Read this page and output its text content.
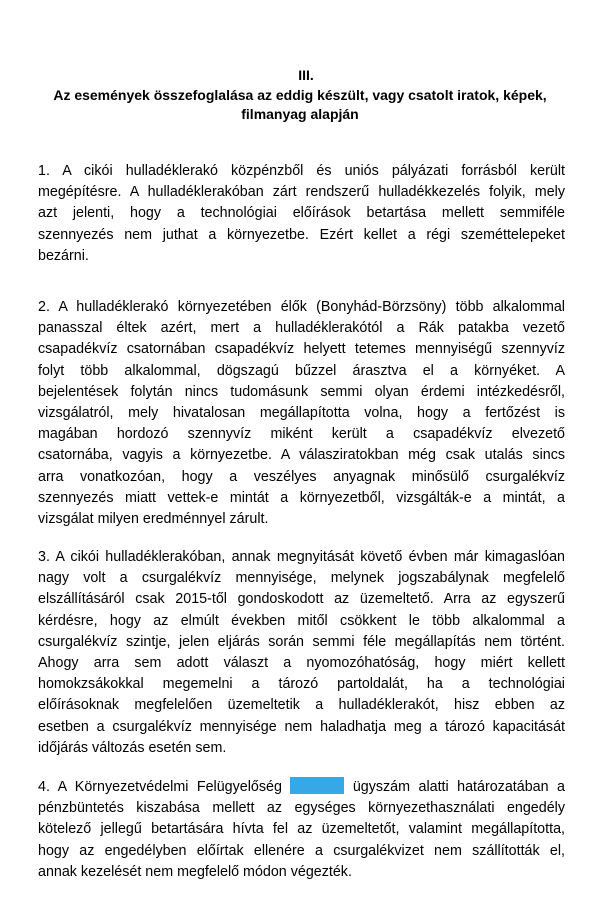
III.
Az események összefoglalása az eddig készült, vagy csatolt iratok, képek,
filmanyag alapján
1. A cikói hulladéklerakó közpénzből és uniós pályázati forrásból került
megépítésre. A hulladéklerakóban zárt rendszerű hulladékkezelés folyik, mely
azt jelenti, hogy a technológiai előírások betartása mellett semmiféle
szennyezés nem juthat a környezetbe. Ezért kellet a régi szeméttelepeket
bezárni.
2. A hulladéklerakó környezetében élők (Bonyhád-Börzsöny) több alkalommal
panasszal éltek azért, mert a hulladéklerakótól a Rák patakba vezető
csapadékvíz csatornában csapadékvíz helyett tetemes mennyiségű szennyvíz
folyt több alkalommal, dögszagú bűzzel árasztva el a környéket. A
bejelentések folytán nincs tudomásunk semmi olyan érdemi intézkedésről,
vizsgálatról, mely hivatalosan megállapította volna, hogy a fertőzést is
magában hordozó szennyvíz miként került a csapadékvíz elvezető
csatornába, vagyis a környezetbe. A válasziratokban még csak utalás sincs
arra vonatkozóan, hogy a veszélyes anyagnak minősülő csurgalékvíz
szennyezés miatt vettek-e mintát a környezetből, vizsgálták-e a mintát, a
vizsgálat milyen eredménnyel zárult.
3. A cikói hulladéklerakóban, annak megnyitását követő évben már kimagaslóan
nagy volt a csurgalékvíz mennyisége, melynek jogszabálynak megfelelő
elszállításáról csak 2015-től gondoskodott az üzemeltető. Arra az egyszerű
kérdésre, hogy az elmúlt években mitől csökkent le több alkalommal a
csurgalékvíz szintje, jelen eljárás során semmi féle megállapítás nem történt.
Ahogy arra sem adott választ a nyomozóhatóság, hogy miért kellett
homokzsákokkal megemelni a tározó partoldalát, ha a technológiai
előírásoknak megfelelően üzemeltetik a hulladéklerakót, hisz ebben az
esetben a csurgalékvíz mennyisége nem haladhatja meg a tározó kapacitását
időjárás változás esetén sem.
4. A Környezetvédelmi Felügyelőség	ügyszám alatti határozatában a
pénzbüntetés kiszabása mellett az egységes környezethasználati engedély
kötelező jellegű betartására hívta fel az üzemeltetőt, valamint megállapította,
hogy az engedélyben előírtak ellenére a csurgalékvizet nem szállították el,
annak kezelését nem megfelelő módon végezték.
